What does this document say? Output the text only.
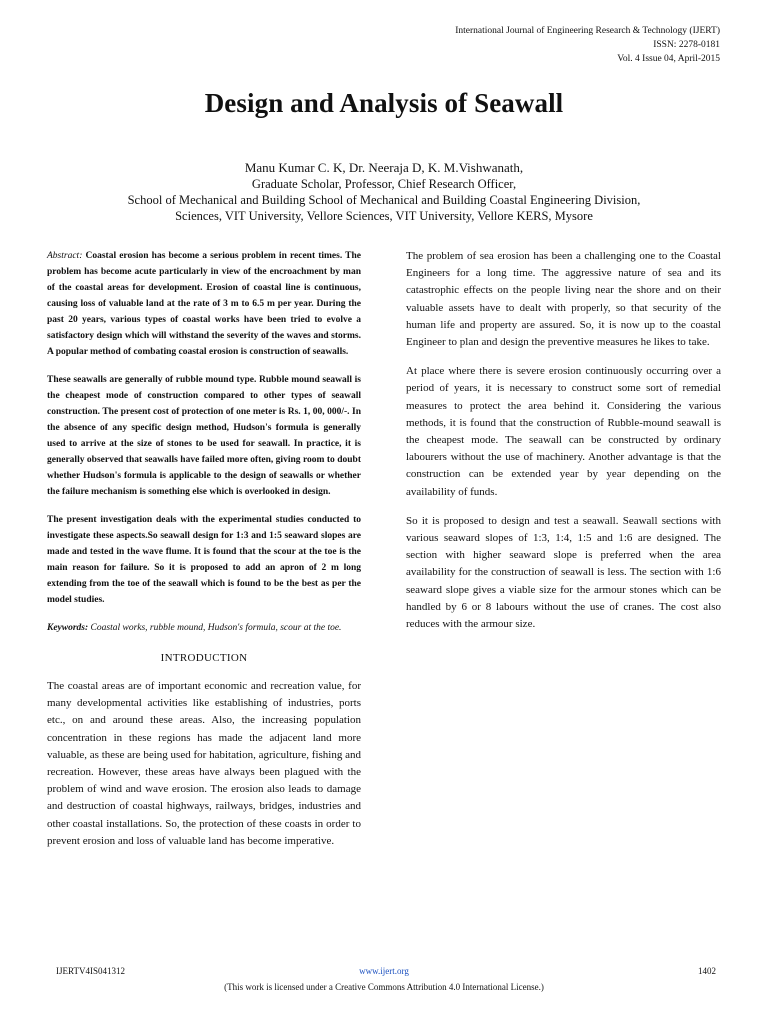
International Journal of Engineering Research & Technology (IJERT)
ISSN: 2278-0181
Vol. 4 Issue 04, April-2015
Design and Analysis of Seawall
Manu Kumar C. K, Dr. Neeraja D, K. M.Vishwanath,
Graduate Scholar, Professor, Chief Research Officer,
School of Mechanical and Building School of Mechanical and Building Coastal Engineering Division,
Sciences, VIT University, Vellore Sciences, VIT University, Vellore KERS, Mysore

Abstract: Coastal erosion has become a serious problem in recent times. The problem has become acute particularly in view of the encroachment by man of the coastal areas for development. Erosion of coastal line is continuous, causing loss of valuable land at the rate of 3 m to 6.5 m per year. During the past 20 years, various types of coastal works have been tried to evolve a satisfactory design which will withstand the severity of the waves and storms. A popular method of combating coastal erosion is construction of seawalls.

These seawalls are generally of rubble mound type. Rubble mound seawall is the cheapest mode of construction compared to other types of seawall construction. The present cost of protection of one meter is Rs. 1, 00, 000/-. In the absence of any specific design method, Hudson's formula is generally used to arrive at the size of stones to be used for seawall. In practice, it is generally observed that seawalls have failed more often, giving room to doubt whether Hudson's formula is applicable to the design of seawalls or whether the failure mechanism is something else which is overlooked in design.

The present investigation deals with the experimental studies conducted to investigate these aspects.So seawall design for 1:3 and 1:5 seaward slopes are made and tested in the wave flume. It is found that the scour at the toe is the main reason for failure. So it is proposed to add an apron of 2 m long extending from the toe of the seawall which is found to be the best as per the model studies.

Keywords: Coastal works, rubble mound, Hudson's formula, scour at the toe.

INTRODUCTION

The coastal areas are of important economic and recreation value, for many developmental activities like establishing of industries, ports etc., on and around these areas. Also, the increasing population concentration in these regions has made the adjacent land more valuable, as these are being used for habitation, agriculture, fishing and recreation. However, these areas have always been plagued with the problem of wind and wave erosion. The erosion also leads to damage and destruction of coastal highways, railways, bridges, industries and other coastal installations. So, the protection of these coasts in order to prevent erosion and loss of valuable land has become imperative.

The problem of sea erosion has been a challenging one to the Coastal Engineers for a long time. The aggressive nature of sea and its catastrophic effects on the people living near the shore and on their valuable assets have to dealt with properly, so that security of the human life and property are assured. So, it is now up to the coastal Engineer to plan and design the preventive measures he likes to take.

At place where there is severe erosion continuously occurring over a period of years, it is necessary to construct some sort of remedial measures to protect the area behind it. Considering the various methods, it is found that the construction of Rubble-mound seawall is the cheapest mode. The seawall can be constructed by ordinary labourers without the use of machinery. Another advantage is that the construction can be extended year by year depending on the availability of funds.

So it is proposed to design and test a seawall. Seawall sections with various seaward slopes of 1:3, 1:4, 1:5 and 1:6 are designed. The section with higher seaward slope is preferred when the area availability for the construction of seawall is less. The section with 1:6 seaward slope gives a viable size for the armour stones which can be handled by 6 or 8 labours without the use of cranes. The cost also reduces with the armour size.

IJERTV4IS041312	www.ijert.org	1402
(This work is licensed under a Creative Commons Attribution 4.0 International License.)
